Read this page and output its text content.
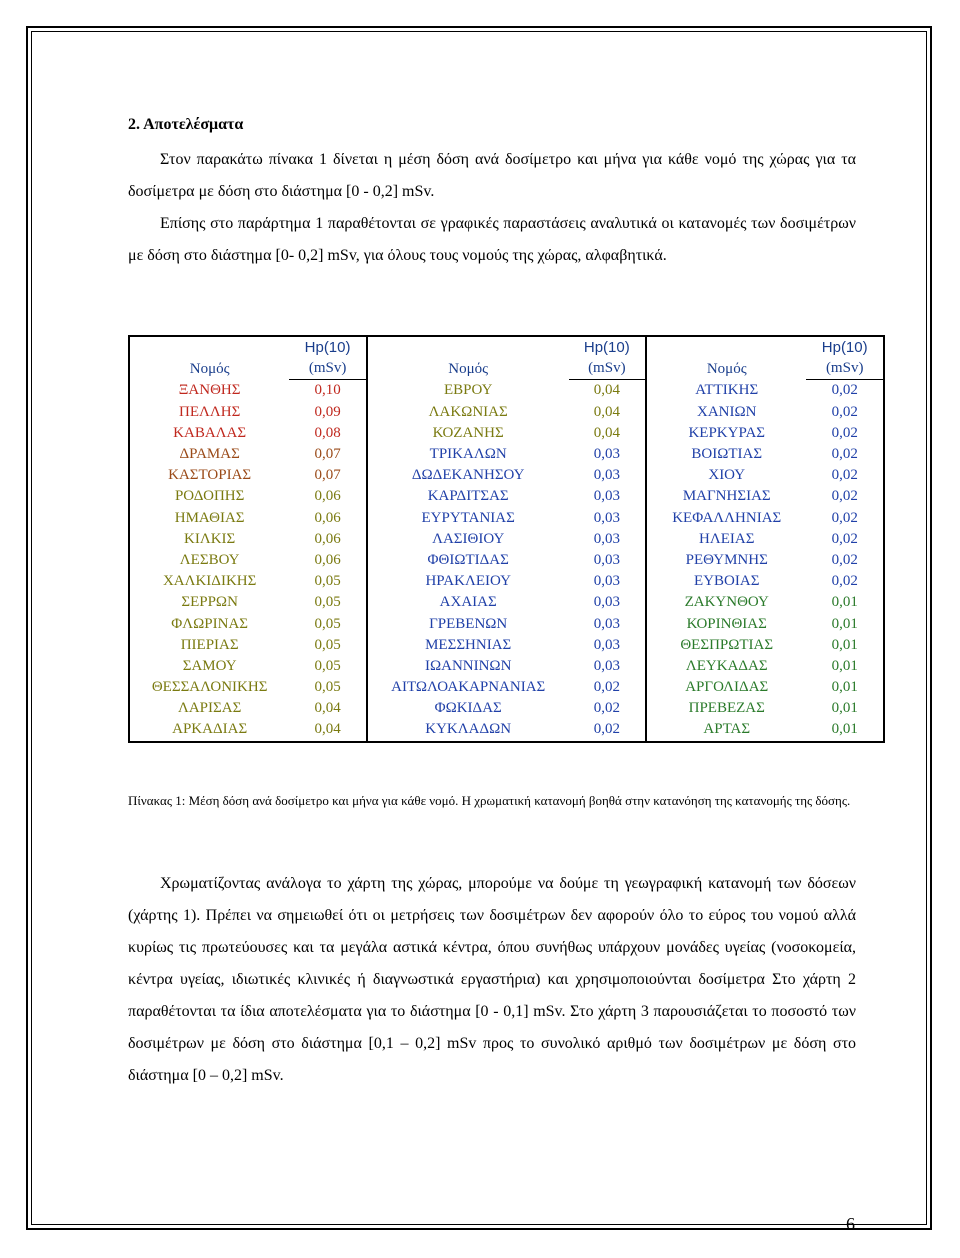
2. Αποτελέσματα

Στον παρακάτω πίνακα 1 δίνεται η μέση δόση ανά δοσίμετρο και μήνα για κάθε νομό της χώρας για τα δοσίμετρα με δόση στο διάστημα [0 - 0,2] mSv.

Επίσης στο παράρτημα 1 παραθέτονται σε γραφικές παραστάσεις αναλυτικά οι κατανομές των δοσιμέτρων με δόση στο διάστημα [0- 0,2] mSv, για όλους τους νομούς της χώρας, αλφαβητικά.

Νομός	Hp(10)	Νομός	Hp(10)	Νομός	Hp(10)
	(mSv)		(mSv)		(mSv)
ΞΑΝΘΗΣ	0,10	ΕΒΡΟΥ	0,04	ΑΤΤΙΚΗΣ	0,02
ΠΕΛΛΗΣ	0,09	ΛΑΚΩΝΙΑΣ	0,04	ΧΑΝΙΩΝ	0,02
ΚΑΒΑΛΑΣ	0,08	ΚΟΖΑΝΗΣ	0,04	ΚΕΡΚΥΡΑΣ	0,02
ΔΡΑΜΑΣ	0,07	ΤΡΙΚΑΛΩΝ	0,03	ΒΟΙΩΤΙΑΣ	0,02
ΚΑΣΤΟΡΙΑΣ	0,07	ΔΩΔΕΚΑΝΗΣΟΥ	0,03	ΧΙΟΥ	0,02
ΡΟΔΟΠΗΣ	0,06	ΚΑΡΔΙΤΣΑΣ	0,03	ΜΑΓΝΗΣΙΑΣ	0,02
ΗΜΑΘΙΑΣ	0,06	ΕΥΡΥΤΑΝΙΑΣ	0,03	ΚΕΦΑΛΛΗΝΙΑΣ	0,02
ΚΙΛΚΙΣ	0,06	ΛΑΣΙΘΙΟΥ	0,03	ΗΛΕΙΑΣ	0,02
ΛΕΣΒΟΥ	0,06	ΦΘΙΩΤΙΔΑΣ	0,03	ΡΕΘΥΜΝΗΣ	0,02
ΧΑΛΚΙΔΙΚΗΣ	0,05	ΗΡΑΚΛΕΙΟΥ	0,03	ΕΥΒΟΙΑΣ	0,02
ΣΕΡΡΩΝ	0,05	ΑΧΑΙΑΣ	0,03	ΖΑΚΥΝΘΟΥ	0,01
ΦΛΩΡΙΝΑΣ	0,05	ΓΡΕΒΕΝΩΝ	0,03	ΚΟΡΙΝΘΙΑΣ	0,01
ΠΙΕΡΙΑΣ	0,05	ΜΕΣΣΗΝΙΑΣ	0,03	ΘΕΣΠΡΩΤΙΑΣ	0,01
ΣΑΜΟΥ	0,05	ΙΩΑΝΝΙΝΩΝ	0,03	ΛΕΥΚΑΔΑΣ	0,01
ΘΕΣΣΑΛΟΝΙΚΗΣ	0,05	ΑΙΤΩΛΟΑΚΑΡΝΑΝΙΑΣ	0,02	ΑΡΓΟΛΙΔΑΣ	0,01
ΛΑΡΙΣΑΣ	0,04	ΦΩΚΙΔΑΣ	0,02	ΠΡΕΒΕΖΑΣ	0,01
ΑΡΚΑΔΙΑΣ	0,04	ΚΥΚΛΑΔΩΝ	0,02	ΑΡΤΑΣ	0,01

Πίνακας 1: Μέση δόση ανά δοσίμετρο και μήνα για κάθε νομό. Η χρωματική κατανομή βοηθά στην κατανόηση της κατανομής της δόσης.

Χρωματίζοντας ανάλογα το χάρτη της χώρας, μπορούμε να δούμε τη γεωγραφική κατανομή των δόσεων (χάρτης 1). Πρέπει να σημειωθεί ότι οι μετρήσεις των δοσιμέτρων δεν αφορούν όλο το εύρος του νομού αλλά κυρίως τις πρωτεύουσες και τα μεγάλα αστικά κέντρα, όπου συνήθως υπάρχουν μονάδες υγείας (νοσοκομεία, κέντρα υγείας, ιδιωτικές κλινικές ή διαγνωστικά εργαστήρια) και χρησιμοποιούνται δοσίμετρα Στο χάρτη 2 παραθέτονται τα ίδια αποτελέσματα για το διάστημα [0 - 0,1] mSv. Στο χάρτη 3 παρουσιάζεται το ποσοστό των δοσιμέτρων με δόση στο διάστημα [0,1 – 0,2] mSv προς το συνολικό αριθμό των δοσιμέτρων με δόση στο διάστημα [0 – 0,2] mSv.

6
